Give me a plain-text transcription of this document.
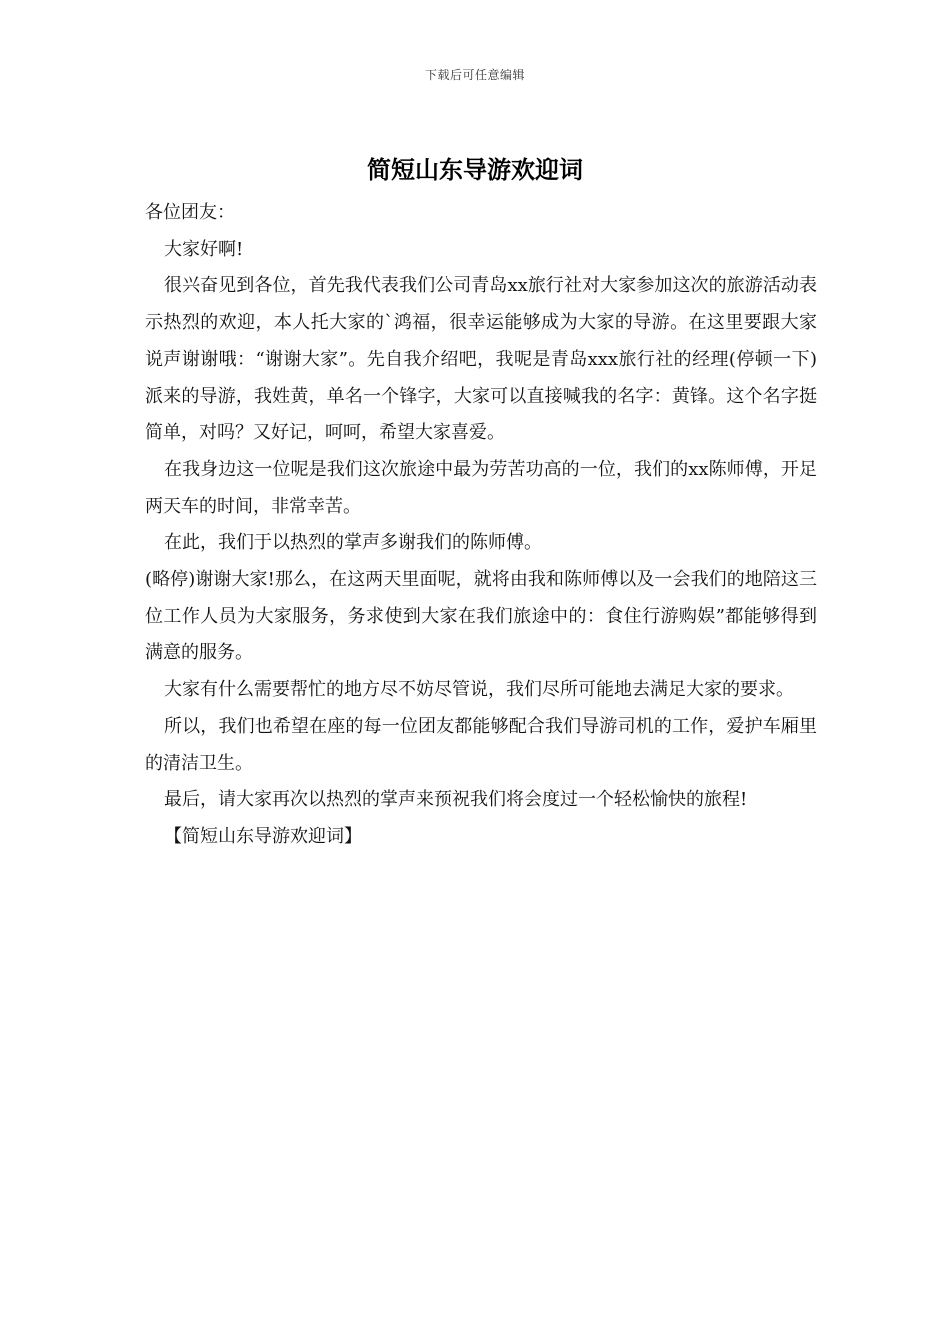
下载后可任意编辑
简短山东导游欢迎词

各位团友：

大家好啊!

很兴奋见到各位，首先我代表我们公司青岛xx旅行社对大家参加这次的旅游活动表示热烈的欢迎，本人托大家的`鸿福，很幸运能够成为大家的导游。在这里要跟大家说声谢谢哦：“谢谢大家”。先自我介绍吧，我呢是青岛xxx旅行社的经理(停顿一下)派来的导游，我姓黄，单名一个锋字，大家可以直接喊我的名字：黄锋。这个名字挺简单，对吗？又好记，呵呵，希望大家喜爱。

在我身边这一位呢是我们这次旅途中最为劳苦功高的一位，我们的xx陈师傅，开足两天车的时间，非常幸苦。

在此，我们于以热烈的掌声多谢我们的陈师傅。

(略停)谢谢大家!那么，在这两天里面呢，就将由我和陈师傅以及一会我们的地陪这三位工作人员为大家服务，务求使到大家在我们旅途中的：食住行游购娱”都能够得到满意的服务。

大家有什么需要帮忙的地方尽不妨尽管说，我们尽所可能地去满足大家的要求。

所以，我们也希望在座的每一位团友都能够配合我们导游司机的工作，爱护车厢里的清洁卫生。

最后，请大家再次以热烈的掌声来预祝我们将会度过一个轻松愉快的旅程!

【简短山东导游欢迎词】
